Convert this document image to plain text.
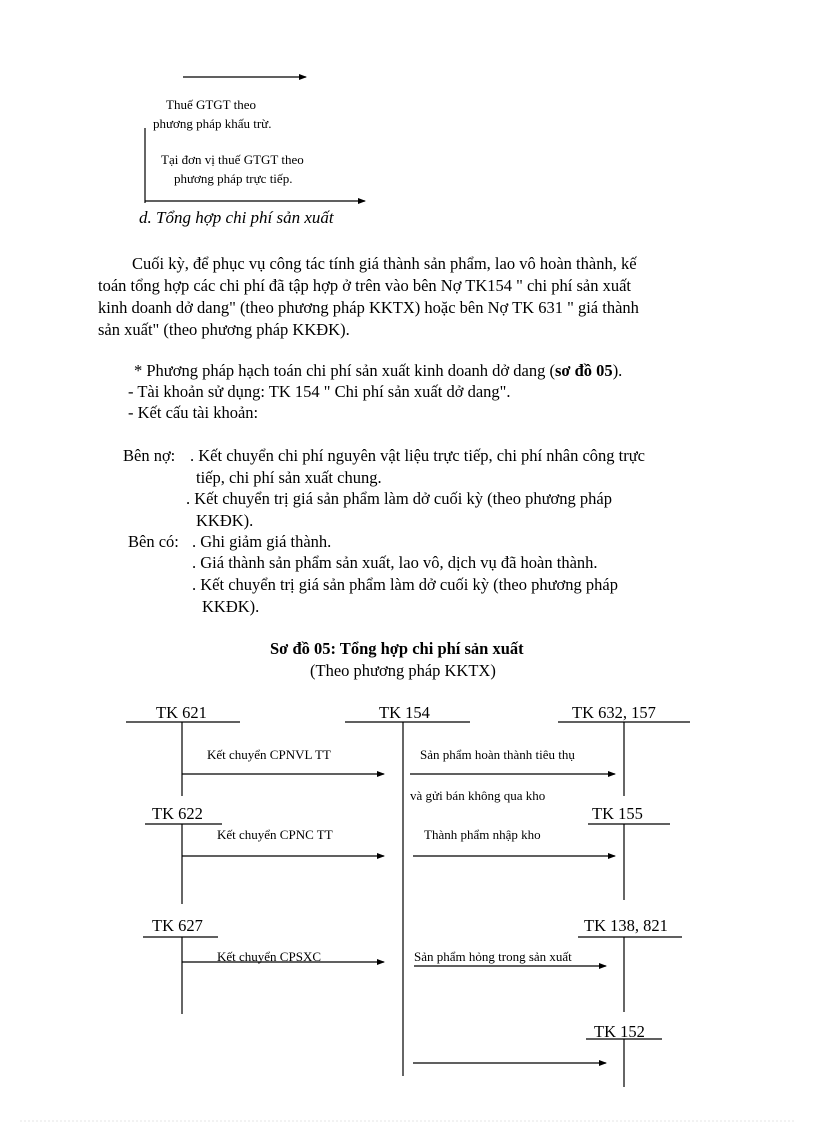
Thuế GTGT theo
phương pháp khấu trừ.
Tại đơn vị thuế GTGT theo
phương pháp trực tiếp.
d. Tổng hợp chi phí sản xuất
Cuối kỳ, để phục vụ công tác tính giá thành sản phẩm, lao vô hoàn thành, kế
toán tổng hợp các chi phí đã tập hợp ở trên vào bên Nợ TK154 " chi phí sản xuất
kinh doanh dở dang" (theo phương pháp KKTX) hoặc bên Nợ TK 631 " giá thành
sản xuất" (theo phương pháp KKĐK).
* Phương pháp hạch toán chi phí sản xuất kinh doanh dở dang (sơ đồ 05).
- Tài khoản sử dụng: TK 154 " Chi phí sản xuất dở dang".
- Kết cấu tài khoản:
Bên nợ: . Kết chuyển chi phí nguyên vật liệu trực tiếp, chi phí nhân công trực
tiếp, chi phí sản xuất chung.
. Kết chuyển trị giá sản phẩm làm dở cuối kỳ (theo phương pháp
KKĐK).
Bên có: . Ghi giảm giá thành.
. Giá thành sản phẩm sản xuất, lao vô, dịch vụ đã hoàn thành.
. Kết chuyển trị giá sản phẩm làm dở cuối kỳ (theo phương pháp
KKĐK).
Sơ đồ 05: Tổng hợp chi phí sản xuất
(Theo phương pháp KKTX)
TK 621	TK 154	TK 632, 157
TK 622	TK 155
TK 627	TK 138, 821
TK 152
Kết chuyển CPNVL TT	Sản phẩm hoàn thành tiêu thụ
và gửi bán không qua kho
Kết chuyển CPNC TT	Thành phẩm nhập kho
Kết chuyển CPSXC	Sản phẩm hỏng trong sản xuất
